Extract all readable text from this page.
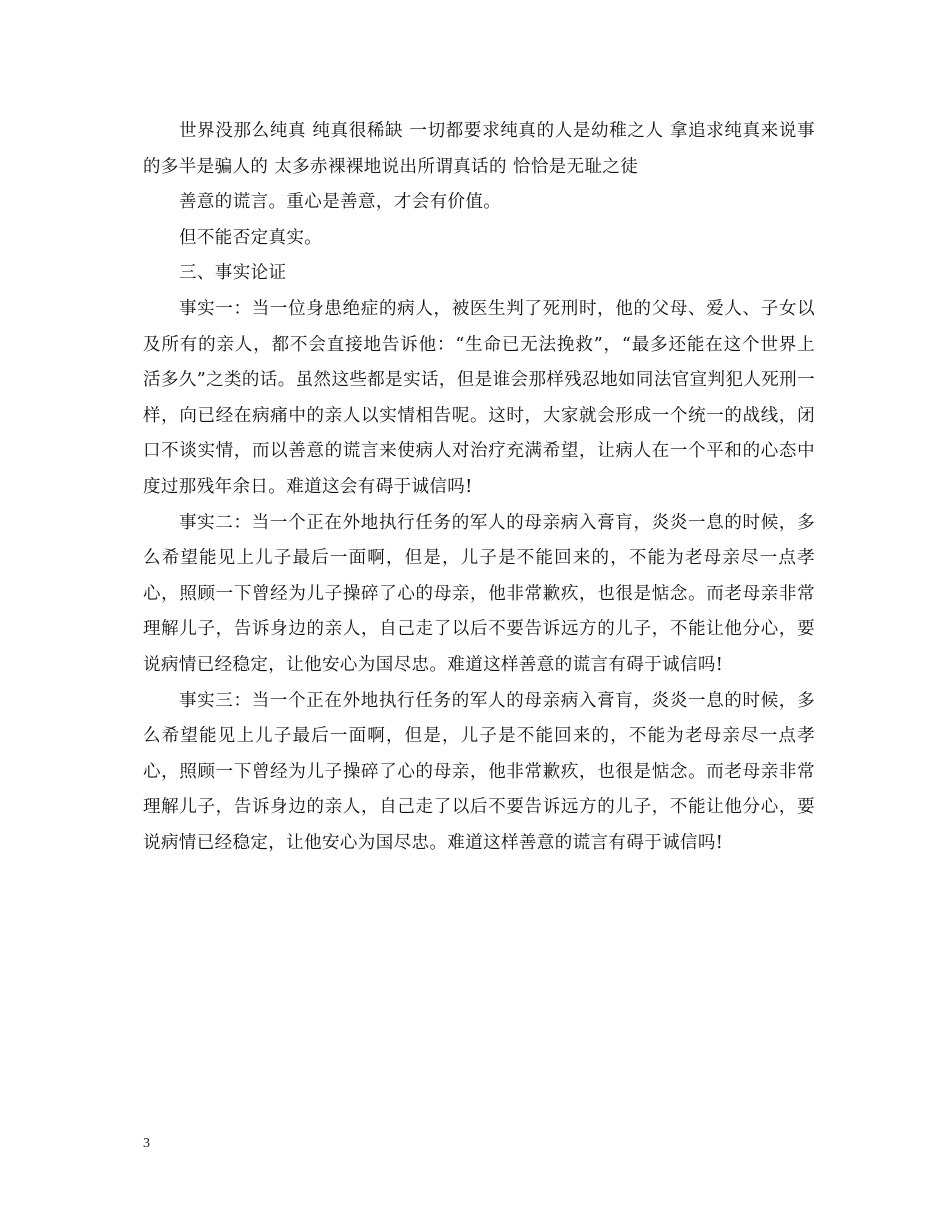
世界没那么纯真 纯真很稀缺 一切都要求纯真的人是幼稚之人 拿追求纯真来说事的多半是骗人的 太多赤裸裸地说出所谓真话的 恰恰是无耻之徒

善意的谎言。重心是善意，才会有价值。

但不能否定真实。

三、事实论证

事实一：当一位身患绝症的病人，被医生判了死刑时，他的父母、爱人、子女以及所有的亲人，都不会直接地告诉他：“生命已无法挽救”，“最多还能在这个世界上活多久”之类的话。虽然这些都是实话，但是谁会那样残忍地如同法官宣判犯人死刑一样，向已经在病痛中的亲人以实情相告呢。这时，大家就会形成一个统一的战线，闭口不谈实情，而以善意的谎言来使病人对治疗充满希望，让病人在一个平和的心态中度过那残年余日。难道这会有碍于诚信吗!

事实二：当一个正在外地执行任务的军人的母亲病入膏肓，炎炎一息的时候，多么希望能见上儿子最后一面啊，但是，儿子是不能回来的，不能为老母亲尽一点孝心，照顾一下曾经为儿子操碎了心的母亲，他非常歉疚，也很是惦念。而老母亲非常理解儿子，告诉身边的亲人，自己走了以后不要告诉远方的儿子，不能让他分心，要说病情已经稳定，让他安心为国尽忠。难道这样善意的谎言有碍于诚信吗!

事实三：当一个正在外地执行任务的军人的母亲病入膏肓，炎炎一息的时候，多么希望能见上儿子最后一面啊，但是，儿子是不能回来的，不能为老母亲尽一点孝心，照顾一下曾经为儿子操碎了心的母亲，他非常歉疚，也很是惦念。而老母亲非常理解儿子，告诉身边的亲人，自己走了以后不要告诉远方的儿子，不能让他分心，要说病情已经稳定，让他安心为国尽忠。难道这样善意的谎言有碍于诚信吗!

3
